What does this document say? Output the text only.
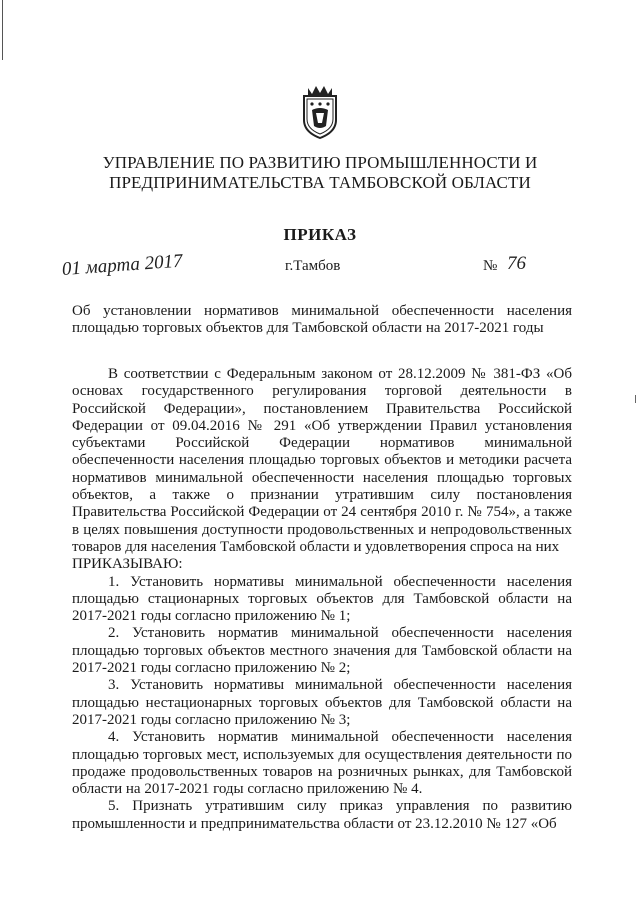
УПРАВЛЕНИЕ ПО РАЗВИТИЮ ПРОМЫШЛЕННОСТИ И
ПРЕДПРИНИМАТЕЛЬСТВА ТАМБОВСКОЙ ОБЛАСТИ
ПРИКАЗ
01 марта 2017	г.Тамбов	№ 76
Об установлении нормативов минимальной обеспеченности населения площадью торговых объектов для Тамбовской области на 2017-2021 годы

В соответствии с Федеральным законом от 28.12.2009 № 381-ФЗ «Об основах государственного регулирования торговой деятельности в Российской Федерации», постановлением Правительства Российской Федерации от 09.04.2016 № 291 «Об утверждении Правил установления субъектами Российской Федерации нормативов минимальной обеспеченности населения площадью торговых объектов и методики расчета нормативов минимальной обеспеченности населения площадью торговых объектов, а также о признании утратившим силу постановления Правительства Российской Федерации от 24 сентября 2010 г. № 754», а также в целях повышения доступности продовольственных и непродовольственных товаров для населения Тамбовской области и удовлетворения спроса на них

ПРИКАЗЫВАЮ:

1. Установить нормативы минимальной обеспеченности населения площадью стационарных торговых объектов для Тамбовской области на 2017-2021 годы согласно приложению № 1;

2. Установить норматив минимальной обеспеченности населения площадью торговых объектов местного значения для Тамбовской области на 2017-2021 годы согласно приложению № 2;

3. Установить нормативы минимальной обеспеченности населения площадью нестационарных торговых объектов для Тамбовской области на 2017-2021 годы согласно приложению № 3;

4. Установить норматив минимальной обеспеченности населения площадью торговых мест, используемых для осуществления деятельности по продаже продовольственных товаров на розничных рынках, для Тамбовской области на 2017-2021 годы согласно приложению № 4.

5. Признать утратившим силу приказ управления по развитию промышленности и предпринимательства области от 23.12.2010 № 127 «Об
